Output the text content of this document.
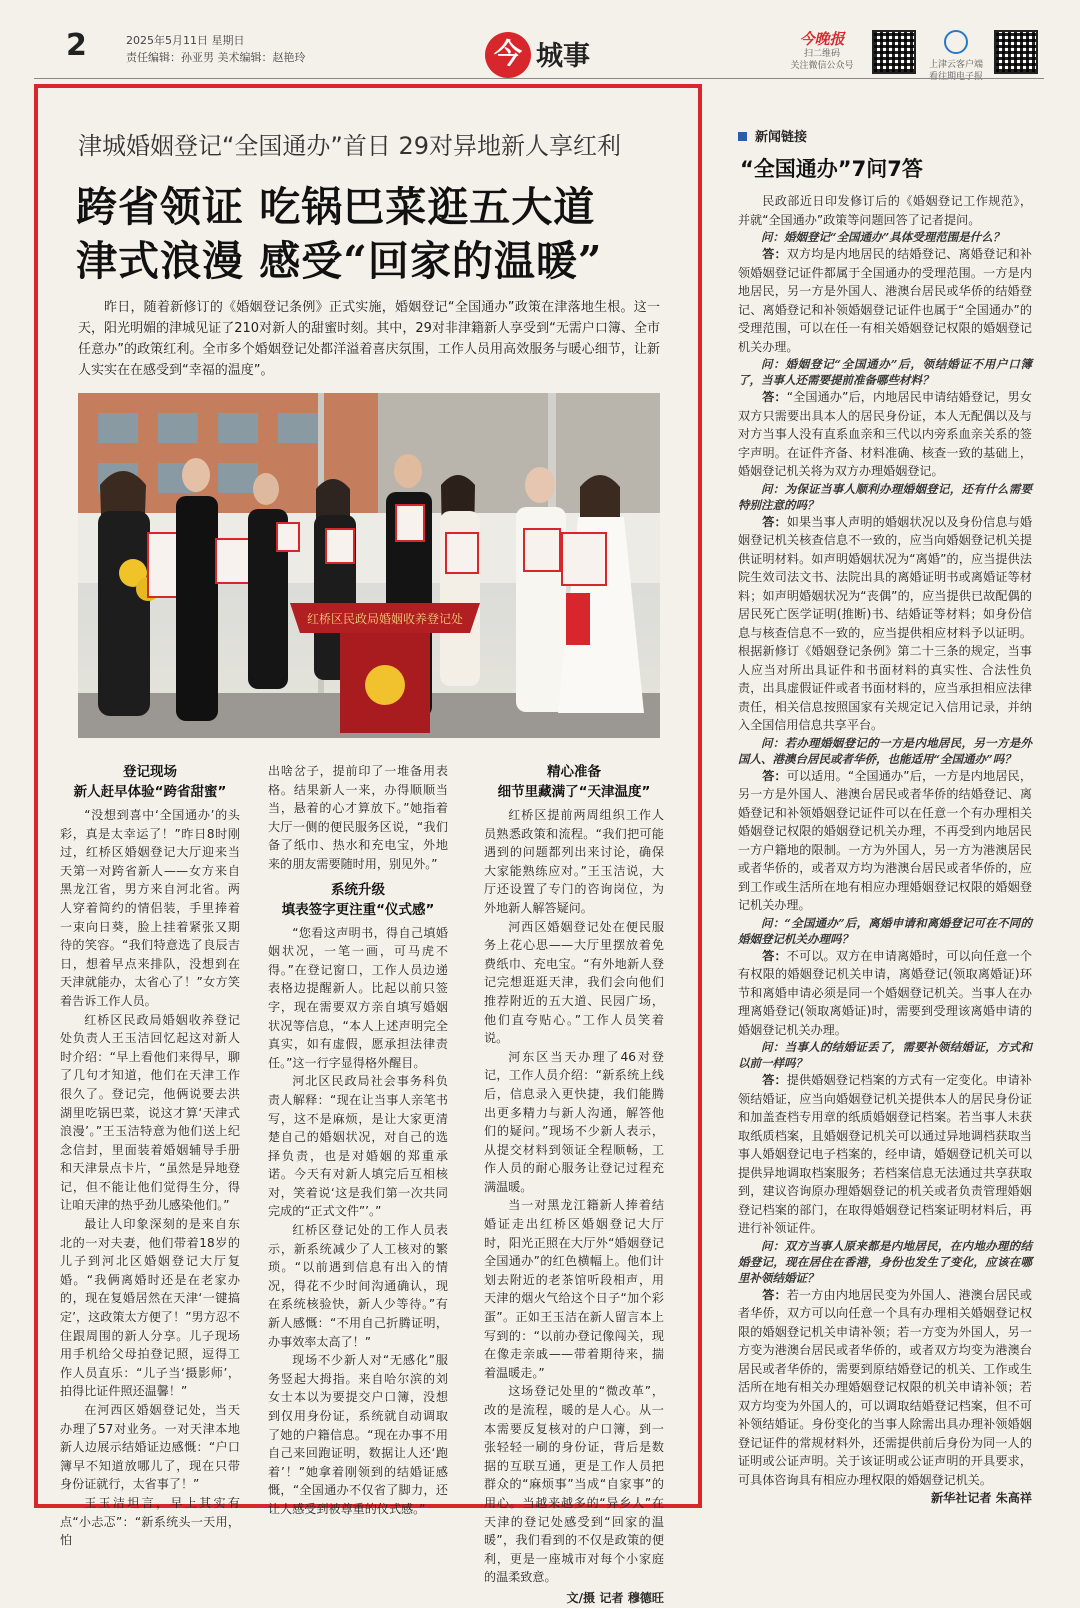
2	2025年5月11日 星期日
责任编辑：孙亚男 美术编辑：赵艳玲	今 城事
今晚报
扫二维码
关注微信公众号	上津云客户端
看往期电子报
津城婚姻登记“全国通办”首日 29对异地新人享红利
跨省领证 吃锅巴菜逛五大道
津式浪漫 感受“回家的温暖”

昨日，随着新修订的《婚姻登记条例》正式实施，婚姻登记“全国通办”政策在津落地生根。这一天，阳光明媚的津城见证了210对新人的甜蜜时刻。其中，29对非津籍新人享受到“无需户口簿、全市任意办”的政策红利。全市多个婚姻登记处都洋溢着喜庆氛围，工作人员用高效服务与暖心细节，让新人实实在在感受到“幸福的温度”。

红桥区民政局婚姻收养登记处
登记现场
新人赶早体验“跨省甜蜜”

“没想到喜中‘全国通办’的头彩，真是太幸运了！”昨日8时刚过，红桥区婚姻登记大厅迎来当天第一对跨省新人——女方来自黑龙江省，男方来自河北省。两人穿着简约的情侣装，手里捧着一束向日葵，脸上挂着紧张又期待的笑容。“我们特意选了良辰吉日，想着早点来排队，没想到在天津就能办，太省心了！”女方笑着告诉工作人员。

红桥区民政局婚姻收养登记处负责人王玉洁回忆起这对新人时介绍：“早上看他们来得早，聊了几句才知道，他们在天津工作很久了。登记完，他俩说要去洪湖里吃锅巴菜，说这才算‘天津式浪漫’。”王玉洁特意为他们送上纪念信封，里面装着婚姻辅导手册和天津景点卡片，“虽然是异地登记，但不能让他们觉得生分，得让咱天津的热乎劲儿感染他们。”

最让人印象深刻的是来自东北的一对夫妻，他们带着18岁的儿子到河北区婚姻登记大厅复婚。“我俩离婚时还是在老家办的，现在复婚居然在天津‘一键搞定’，这政策太方便了！”男方忍不住跟周围的新人分享。儿子现场用手机给父母拍登记照，逗得工作人员直乐：“儿子当‘摄影师’，拍得比证件照还温馨！”

在河西区婚姻登记处，当天办理了57对业务。一对天津本地新人边展示结婚证边感慨：“户口簿早不知道放哪儿了，现在只带身份证就行，太省事了！”

王玉洁坦言，早上其实有点“小忐忑”：“新系统头一天用，怕

出啥岔子，提前印了一堆备用表格。结果新人一来，办得顺顺当当，悬着的心才算放下。”她指着大厅一侧的便民服务区说，“我们备了纸巾、热水和充电宝，外地来的朋友需要随时用，别见外。”

系统升级
填表签字更注重“仪式感”

“您看这声明书，得自己填婚姻状况，一笔一画，可马虎不得。”在登记窗口，工作人员边递表格边提醒新人。比起以前只签字，现在需要双方亲自填写婚姻状况等信息，“本人上述声明完全真实，如有虚假，愿承担法律责任。”这一行字显得格外醒目。

河北区民政局社会事务科负责人解释：“现在让当事人亲笔书写，这不是麻烦，是让大家更清楚自己的婚姻状况，对自己的选择负责，也是对婚姻的郑重承诺。今天有对新人填完后互相核对，笑着说‘这是我们第一次共同完成的“正式文件”’。”

红桥区登记处的工作人员表示，新系统减少了人工核对的繁琐。“以前遇到信息有出入的情况，得花不少时间沟通确认，现在系统核验快，新人少等待。”有新人感慨：“不用自己折腾证明，办事效率太高了！”

现场不少新人对“无感化”服务竖起大拇指。来自哈尔滨的刘女士本以为要提交户口簿，没想到仅用身份证，系统就自动调取了她的户籍信息。“现在办事不用自己来回跑证明，数据让人还‘跑着’！”她拿着刚领到的结婚证感慨，“全国通办不仅省了脚力，还让人感受到被尊重的仪式感。”

精心准备
细节里藏满了“天津温度”

红桥区提前两周组织工作人员熟悉政策和流程。“我们把可能遇到的问题都列出来讨论，确保大家能熟练应对。”王玉洁说，大厅还设置了专门的咨询岗位，为外地新人解答疑问。

河西区婚姻登记处在便民服务上花心思——大厅里摆放着免费纸巾、充电宝。“有外地新人登记完想逛逛天津，我们会向他们推荐附近的五大道、民园广场，他们直夸贴心。”工作人员笑着说。

河东区当天办理了46对登记，工作人员介绍：“新系统上线后，信息录入更快捷，我们能腾出更多精力与新人沟通，解答他们的疑问。”现场不少新人表示，从提交材料到领证全程顺畅，工作人员的耐心服务让登记过程充满温暖。

当一对黑龙江籍新人捧着结婚证走出红桥区婚姻登记大厅时，阳光正照在大厅外“婚姻登记全国通办”的红色横幅上。他们计划去附近的老茶馆听段相声，用天津的烟火气给这个日子“加个彩蛋”。正如王玉洁在新人留言本上写到的：“以前办登记像闯关，现在像走亲戚——带着期待来，揣着温暖走。”

这场登记处里的“微改革”，改的是流程，暖的是人心。从一本需要反复核对的户口簿，到一张轻轻一刷的身份证，背后是数据的互联互通，更是工作人员把群众的“麻烦事”当成“自家事”的用心。当越来越多的“异乡人”在天津的登记处感受到“回家的温暖”，我们看到的不仅是政策的便利，更是一座城市对每个小家庭的温柔致意。

文/摄 记者 穆德旺

新闻链接
“全国通办”7问7答

民政部近日印发修订后的《婚姻登记工作规范》，并就“全国通办”政策等问题回答了记者提问。

问：婚姻登记“全国通办”具体受理范围是什么？

答：双方均是内地居民的结婚登记、离婚登记和补领婚姻登记证件都属于全国通办的受理范围。一方是内地居民，另一方是外国人、港澳台居民或华侨的结婚登记、离婚登记和补领婚姻登记证件也属于“全国通办”的受理范围，可以在任一有相关婚姻登记权限的婚姻登记机关办理。

问：婚姻登记“全国通办”后，领结婚证不用户口簿了，当事人还需要提前准备哪些材料？

答：“全国通办”后，内地居民申请结婚登记，男女双方只需要出具本人的居民身份证，本人无配偶以及与对方当事人没有直系血亲和三代以内旁系血亲关系的签字声明。在证件齐备、材料准确、核查一致的基础上，婚姻登记机关将为双方办理婚姻登记。

问：为保证当事人顺利办理婚姻登记，还有什么需要特别注意的吗？

答：如果当事人声明的婚姻状况以及身份信息与婚姻登记机关核查信息不一致的，应当向婚姻登记机关提供证明材料。如声明婚姻状况为“离婚”的，应当提供法院生效司法文书、法院出具的离婚证明书或离婚证等材料；如声明婚姻状况为“丧偶”的，应当提供已故配偶的居民死亡医学证明(推断)书、结婚证等材料；如身份信息与核查信息不一致的，应当提供相应材料予以证明。根据新修订《婚姻登记条例》第二十三条的规定，当事人应当对所出具证件和书面材料的真实性、合法性负责，出具虚假证件或者书面材料的，应当承担相应法律责任，相关信息按照国家有关规定记入信用记录，并纳入全国信用信息共享平台。

问：若办理婚姻登记的一方是内地居民，另一方是外国人、港澳台居民或者华侨，也能适用“全国通办”吗？

答：可以适用。“全国通办”后，一方是内地居民，另一方是外国人、港澳台居民或者华侨的结婚登记、离婚登记和补领婚姻登记证件可以在任意一个有办理相关婚姻登记权限的婚姻登记机关办理，不再受到内地居民一方户籍地的限制。一方为外国人，另一方为港澳居民或者华侨的，或者双方均为港澳台居民或者华侨的，应到工作或生活所在地有相应办理婚姻登记权限的婚姻登记机关办理。

问：“全国通办”后，离婚申请和离婚登记可在不同的婚姻登记机关办理吗？

答：不可以。双方在申请离婚时，可以向任意一个有权限的婚姻登记机关申请，离婚登记(领取离婚证)环节和离婚申请必须是同一个婚姻登记机关。当事人在办理离婚登记(领取离婚证)时，需要到受理该离婚申请的婚姻登记机关办理。

问：当事人的结婚证丢了，需要补领结婚证，方式和以前一样吗？

答：提供婚姻登记档案的方式有一定变化。申请补领结婚证，应当向婚姻登记机关提供本人的居民身份证和加盖查档专用章的纸质婚姻登记档案。若当事人未获取纸质档案，且婚姻登记机关可以通过异地调档获取当事人婚姻登记电子档案的，经申请，婚姻登记机关可以提供异地调取档案服务；若档案信息无法通过共享获取到，建议咨询原办理婚姻登记的机关或者负责管理婚姻登记档案的部门，在取得婚姻登记档案证明材料后，再进行补领证件。

问：双方当事人原来都是内地居民，在内地办理的结婚登记，现在居住在香港，身份也发生了变化，应该在哪里补领结婚证？

答：若一方由内地居民变为外国人、港澳台居民或者华侨，双方可以向任意一个具有办理相关婚姻登记权限的婚姻登记机关申请补领；若一方变为外国人，另一方变为港澳台居民或者华侨的，或者双方均变为港澳台居民或者华侨的，需要到原结婚登记的机关、工作或生活所在地有相关办理婚姻登记权限的机关申请补领；若双方均变为外国人的，可以调取结婚登记档案，但不可补领结婚证。身份变化的当事人除需出具办理补领婚姻登记证件的常规材料外，还需提供前后身份为同一人的证明或公证声明。关于该证明或公证声明的开具要求，可具体咨询具有相应办理权限的婚姻登记机关。

新华社记者 朱高祥
